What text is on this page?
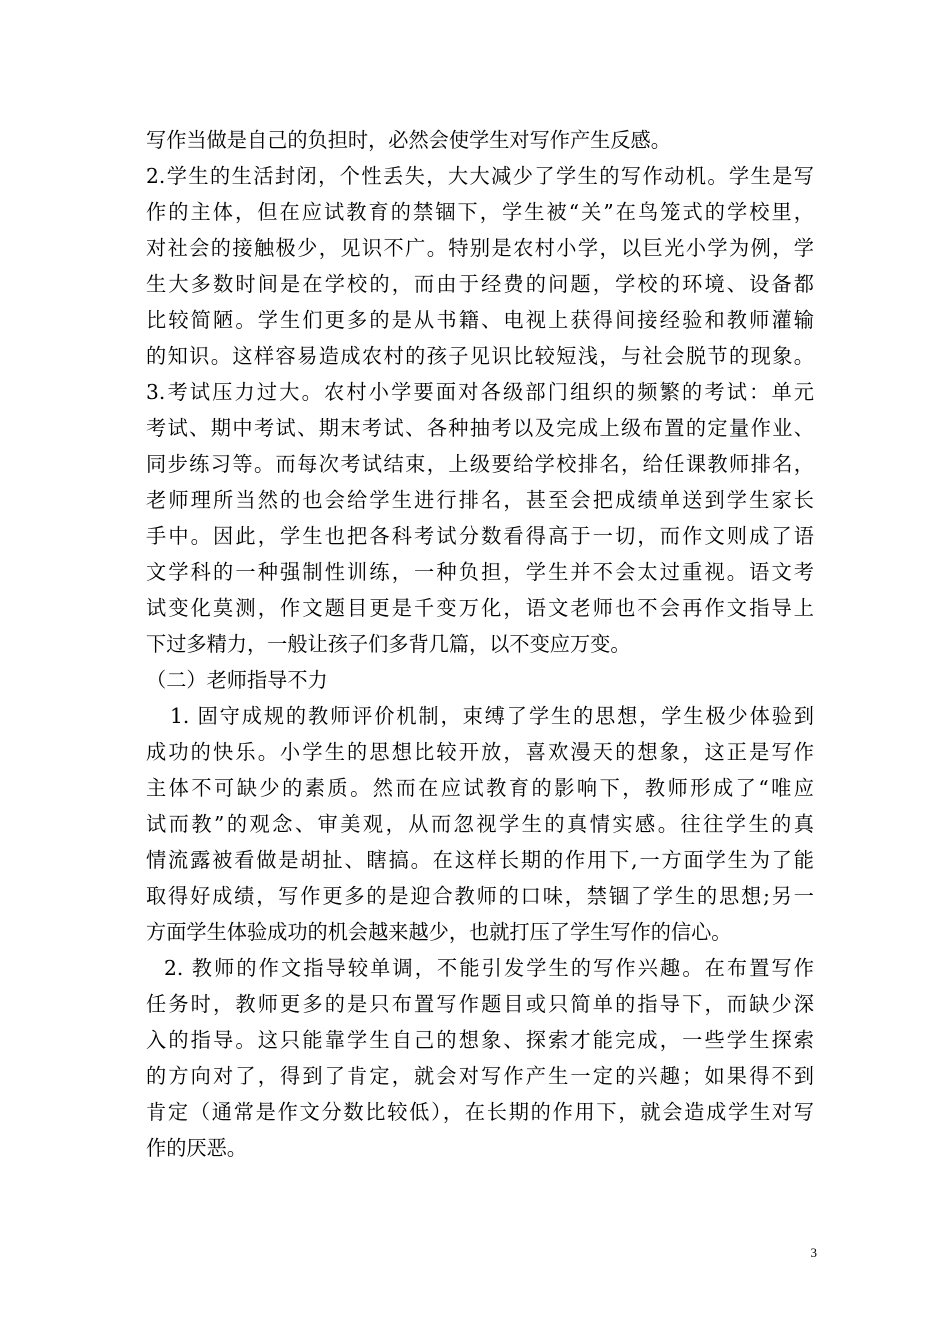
写作当做是自己的负担时，必然会使学生对写作产生反感。
2.学生的生活封闭，个性丢失，大大减少了学生的写作动机。学生是写
作的主体，但在应试教育的禁锢下，学生被“关”在鸟笼式的学校里，
对社会的接触极少，见识不广。特别是农村小学，以巨光小学为例，学
生大多数时间是在学校的，而由于经费的问题，学校的环境、设备都
比较简陋。学生们更多的是从书籍、电视上获得间接经验和教师灌输
的知识。这样容易造成农村的孩子见识比较短浅，与社会脱节的现象。
3.考试压力过大。农村小学要面对各级部门组织的频繁的考试：单元
考试、期中考试、期末考试、各种抽考以及完成上级布置的定量作业、
同步练习等。而每次考试结束，上级要给学校排名，给任课教师排名，
老师理所当然的也会给学生进行排名，甚至会把成绩单送到学生家长
手中。因此，学生也把各科考试分数看得高于一切，而作文则成了语
文学科的一种强制性训练，一种负担，学生并不会太过重视。语文考
试变化莫测，作文题目更是千变万化，语文老师也不会再作文指导上
下过多精力，一般让孩子们多背几篇，以不变应万变。
（二）老师指导不力
1. 固守成规的教师评价机制，束缚了学生的思想，学生极少体验到
成功的快乐。小学生的思想比较开放，喜欢漫天的想象，这正是写作
主体不可缺少的素质。然而在应试教育的影响下，教师形成了“唯应
试而教”的观念、审美观，从而忽视学生的真情实感。往往学生的真
情流露被看做是胡扯、瞎搞。在这样长期的作用下,一方面学生为了能
取得好成绩，写作更多的是迎合教师的口味，禁锢了学生的思想;另一
方面学生体验成功的机会越来越少，也就打压了学生写作的信心。
2. 教师的作文指导较单调，不能引发学生的写作兴趣。在布置写作
任务时，教师更多的是只布置写作题目或只简单的指导下，而缺少深
入的指导。这只能靠学生自己的想象、探索才能完成，一些学生探索
的方向对了，得到了肯定，就会对写作产生一定的兴趣；如果得不到
肯定（通常是作文分数比较低），在长期的作用下，就会造成学生对写
作的厌恶。
3
